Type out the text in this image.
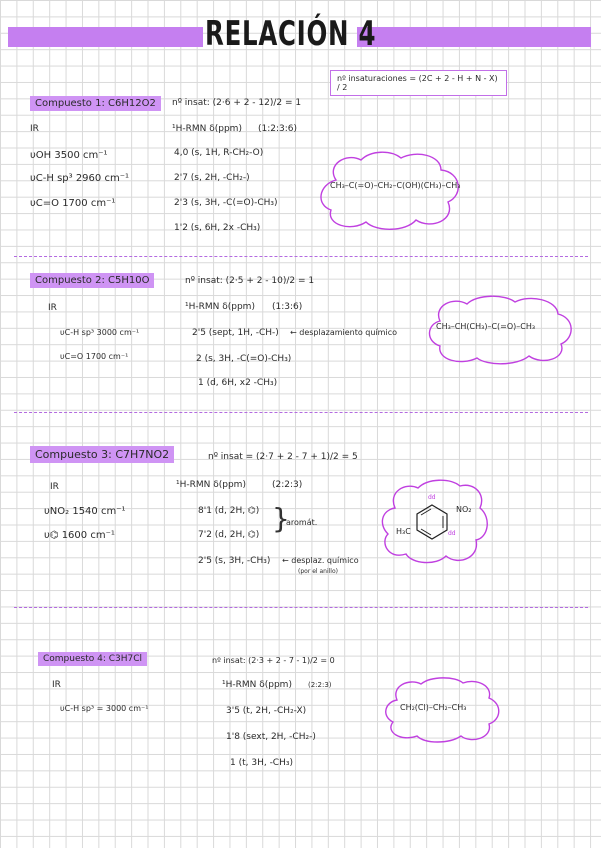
RELACIÓN 4
nº insaturaciones = (2C + 2 - H + N - X) / 2
Compuesto 1: C6H12O2	nº insat: (2·6 + 2 - 12)/2 = 1
IR
υOH 3500 cm⁻¹
υC-H sp³ 2960 cm⁻¹
υC=O 1700 cm⁻¹
¹H-RMN δ(ppm) (1:2:3:6)
4,0 (s, 1H, R-CH₂-O)
2'7 (s, 2H, -CH₂-)
2'3 (s, 3H, -C(=O)-CH₃)
1'2 (s, 6H, 2x -CH₃)
CH₃–C(=O)–CH₂–C(OH)(CH₃)–CH₃
Compuesto 2: C5H10O	nº insat: (2·5 + 2 - 10)/2 = 1
IR
υC-H sp³ 3000 cm⁻¹
υC=O 1700 cm⁻¹
¹H-RMN δ(ppm) (1:3:6)
2'5 (sept, 1H, -CH-) ← desplazamiento químico
2 (s, 3H, -C(=O)-CH₃)
1 (d, 6H, x2 -CH₃)
CH₃–CH(CH₃)–C(=O)–CH₃
Compuesto 3: C7H7NO2	nº insat = (2·7 + 2 - 7 + 1)/2 = 5
IR
υNO₂ 1540 cm⁻¹
υ⌬ 1600 cm⁻¹
¹H-RMN δ(ppm)	(2:2:3)
8'1 (d, 2H, ⌬)
7'2 (d, 2H, ⌬) }
aromát.
2'5 (s, 3H, -CH₃) ← desplaz. químico
(por el anillo)
NO₂
H₃C
dd
dd
Compuesto 4: C3H7Cl	nº insat: (2·3 + 2 - 7 - 1)/2 = 0
IR
υC-H sp³ = 3000 cm⁻¹
¹H-RMN δ(ppm) (2:2:3)
3'5 (t, 2H, -CH₂-X)
1'8 (sext, 2H, -CH₂-)
1 (t, 3H, -CH₃)
CH₂(Cl)–CH₂–CH₃
